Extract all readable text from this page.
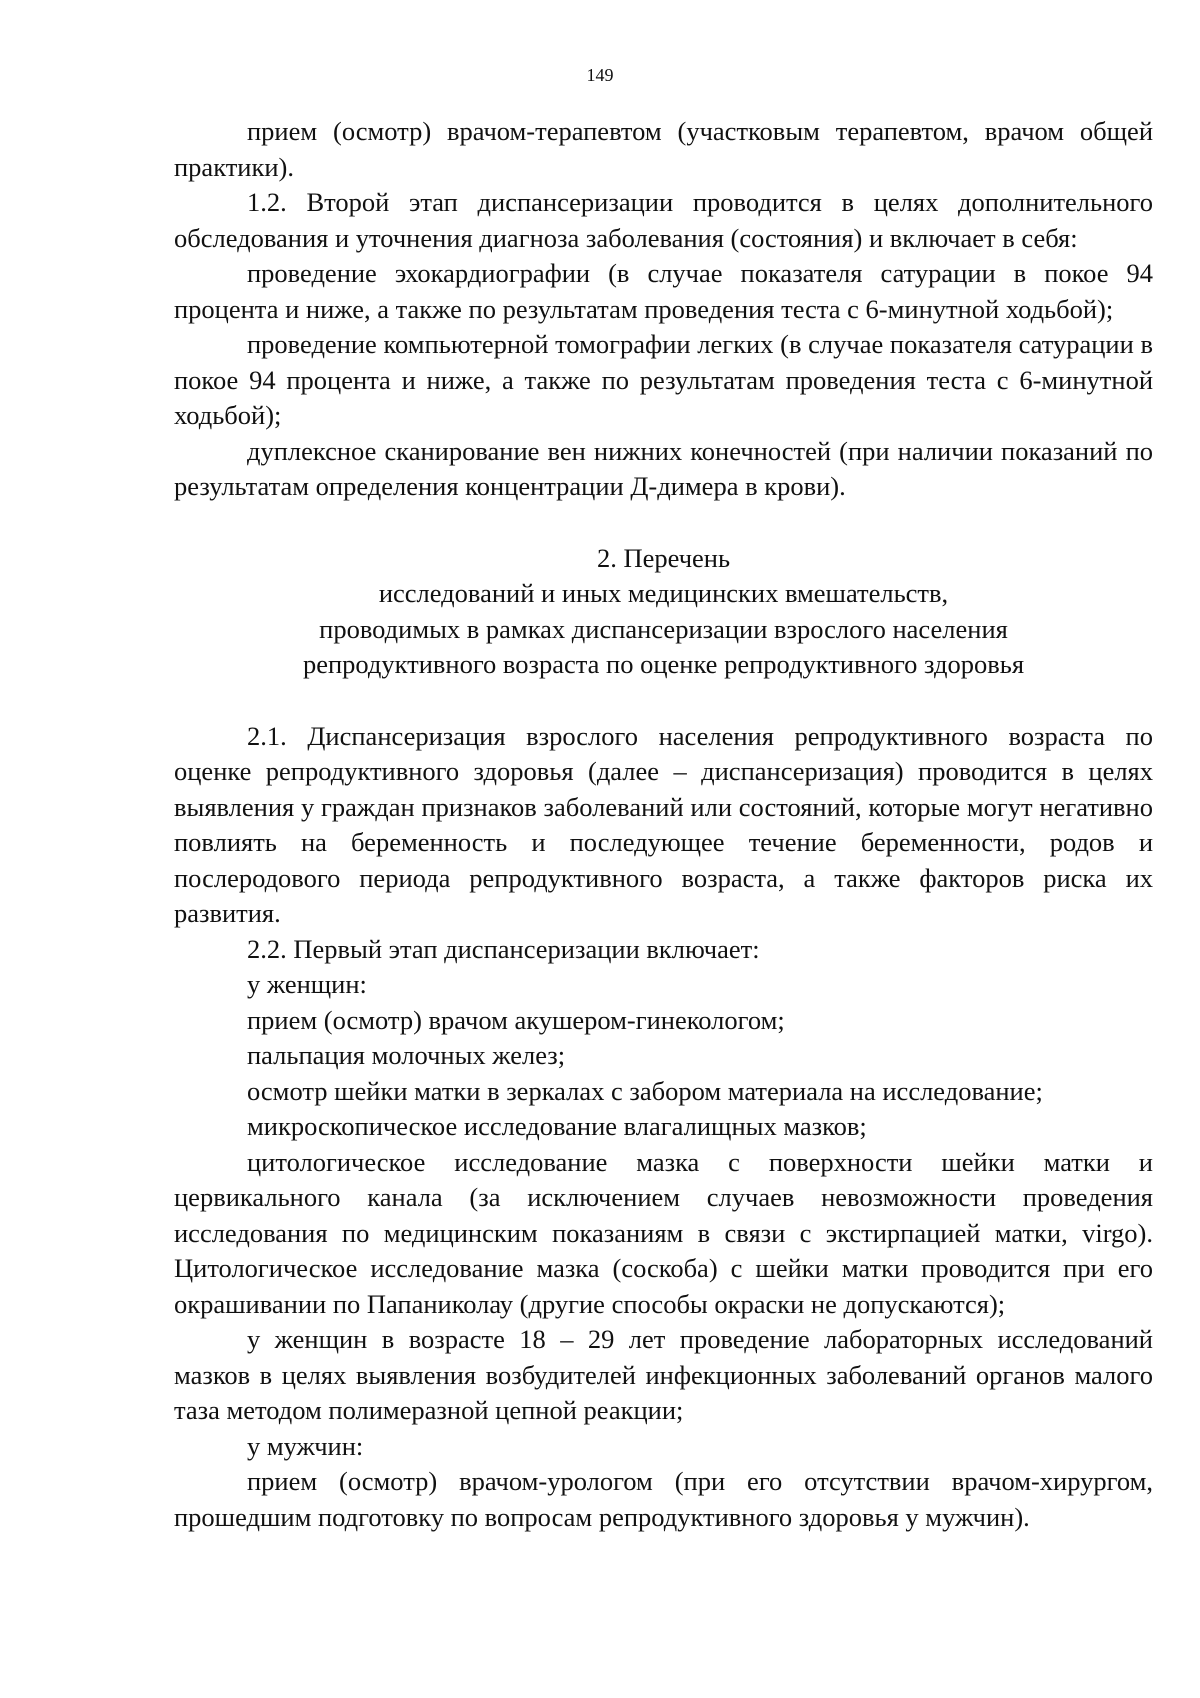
149

прием (осмотр) врачом-терапевтом (участковым терапевтом, врачом общей практики).

1.2. Второй этап диспансеризации проводится в целях дополнительного обследования и уточнения диагноза заболевания (состояния) и включает в себя:

проведение эхокардиографии (в случае показателя сатурации в покое 94 процента и ниже, а также по результатам проведения теста с 6-минутной ходьбой);

проведение компьютерной томографии легких (в случае показателя сатурации в покое 94 процента и ниже, а также по результатам проведения теста с 6-минутной ходьбой);

дуплексное сканирование вен нижних конечностей (при наличии показаний по результатам определения концентрации Д-димера в крови).

2. Перечень

исследований и иных медицинских вмешательств,

проводимых в рамках диспансеризации взрослого населения

репродуктивного возраста по оценке репродуктивного здоровья

2.1. Диспансеризация взрослого населения репродуктивного возраста по оценке репродуктивного здоровья (далее – диспансеризация) проводится в целях выявления у граждан признаков заболеваний или состояний, которые могут негативно повлиять на беременность и последующее течение беременности, родов и послеродового периода репродуктивного возраста, а также факторов риска их развития.

2.2. Первый этап диспансеризации включает:

у женщин:

прием (осмотр) врачом акушером-гинекологом;

пальпация молочных желез;

осмотр шейки матки в зеркалах с забором материала на исследование;

микроскопическое исследование влагалищных мазков;

цитологическое исследование мазка с поверхности шейки матки и цервикального канала (за исключением случаев невозможности проведения исследования по медицинским показаниям в связи с экстирпацией матки, virgo). Цитологическое исследование мазка (соскоба) с шейки матки проводится при его окрашивании по Папаниколау (другие способы окраски не допускаются);

у женщин в возрасте 18 – 29 лет проведение лабораторных исследований мазков в целях выявления возбудителей инфекционных заболеваний органов малого таза методом полимеразной цепной реакции;

у мужчин:

прием (осмотр) врачом-урологом (при его отсутствии врачом-хирургом, прошедшим подготовку по вопросам репродуктивного здоровья у мужчин).
